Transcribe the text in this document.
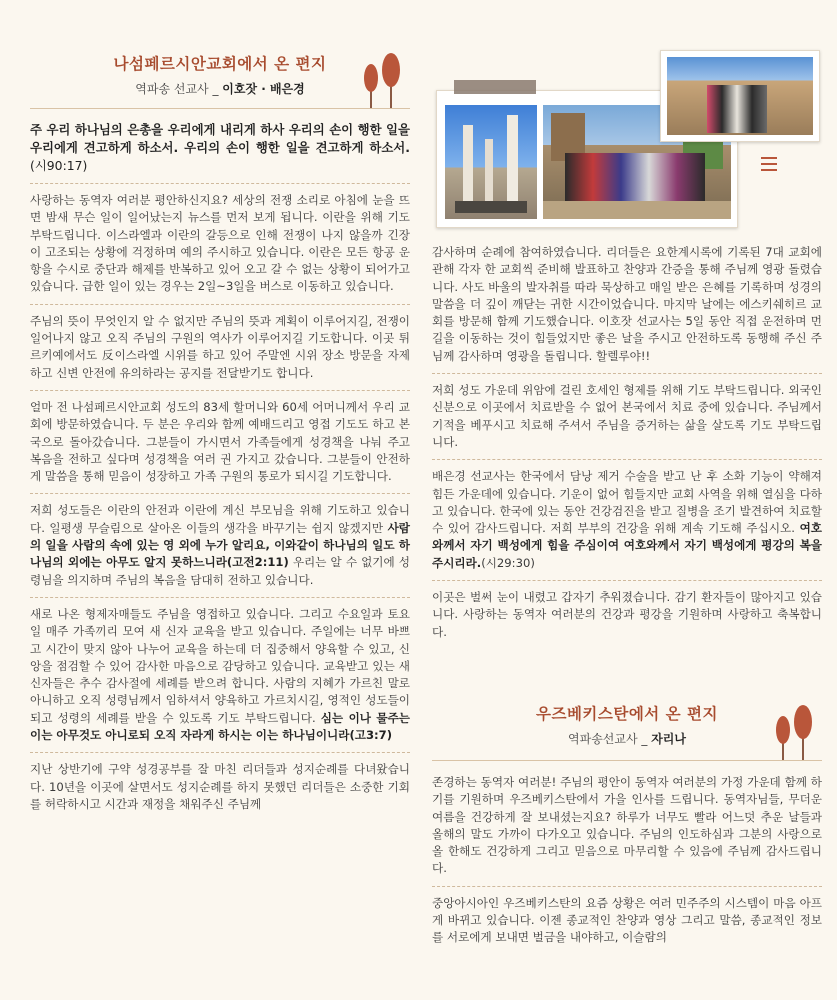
나섬페르시안교회에서 온 편지
역파송 선교사 _ 이호잣 · 배은경

주 우리 하나님의 은총을 우리에게 내리게 하사 우리의 손이 행한 일을 우리에게 견고하게 하소서. 우리의 손이 행한 일을 견고하게 하소서.(시90:17)

사랑하는 동역자 여러분 평안하신지요? 세상의 전쟁 소리로 아침에 눈을 뜨면 밤새 무슨 일이 일어났는지 뉴스를 먼저 보게 됩니다. 이란을 위해 기도 부탁드립니다. 이스라엘과 이란의 갈등으로 인해 전쟁이 나지 않을까 긴장이 고조되는 상황에 걱정하며 예의 주시하고 있습니다. 이란은 모든 항공 운항을 수시로 중단과 해제를 반복하고 있어 오고 갈 수 없는 상황이 되어가고 있습니다. 급한 일이 있는 경우는 2일~3일을 버스로 이동하고 있습니다.

주님의 뜻이 무엇인지 알 수 없지만 주님의 뜻과 계획이 이루어지길, 전쟁이 일어나지 않고 오직 주님의 구원의 역사가 이루어지길 기도합니다. 이곳 튀르키예에서도 反이스라엘 시위를 하고 있어 주말엔 시위 장소 방문을 자제하고 신변 안전에 유의하라는 공지를 전달받기도 합니다.

얼마 전 나섬페르시안교회 성도의 83세 할머니와 60세 어머니께서 우리 교회에 방문하였습니다. 두 분은 우리와 함께 예배드리고 영접 기도도 하고 본국으로 돌아갔습니다. 그분들이 가시면서 가족들에게 성경책을 나눠 주고 복음을 전하고 싶다며 성경책을 여러 권 가지고 갔습니다. 그분들이 안전하게 말씀을 통해 믿음이 성장하고 가족 구원의 통로가 되시길 기도합니다.

저희 성도들은 이란의 안전과 이란에 계신 부모님을 위해 기도하고 있습니다. 일평생 무슬림으로 살아온 이들의 생각을 바꾸기는 쉽지 않겠지만 사람의 일을 사람의 속에 있는 영 외에 누가 알리요, 이와같이 하나님의 일도 하나님의 외에는 아무도 알지 못하느니라(고전2:11) 우리는 알 수 없기에 성령님을 의지하며 주님의 복음을 담대히 전하고 있습니다.

새로 나온 형제자매들도 주님을 영접하고 있습니다. 그리고 수요일과 토요일 매주 가족끼리 모여 새 신자 교육을 받고 있습니다. 주일에는 너무 바쁘고 시간이 맞지 않아 나누어 교육을 하는데 더 집중해서 양육할 수 있고, 신앙을 점검할 수 있어 감사한 마음으로 감당하고 있습니다. 교육받고 있는 새 신자들은 추수 감사절에 세례를 받으려 합니다. 사람의 지혜가 가르친 말로 아니하고 오직 성령님께서 임하셔서 양육하고 가르치시길, 영적인 성도들이 되고 성령의 세례를 받을 수 있도록 기도 부탁드립니다. 심는 이나 물주는 이는 아무것도 아니로되 오직 자라게 하시는 이는 하나님이니라(고3:7)

지난 상반기에 구약 성경공부를 잘 마친 리더들과 성지순례를 다녀왔습니다. 10년을 이곳에 살면서도 성지순례를 하지 못했던 리더들은 소중한 기회를 허락하시고 시간과 재정을 채워주신 주님께

감사하며 순례에 참여하였습니다. 리더들은 요한계시록에 기록된 7대 교회에 관해 각자 한 교회씩 준비해 발표하고 찬양과 간증을 통해 주님께 영광 돌렸습니다. 사도 바울의 발자취를 따라 묵상하고 매일 받은 은혜를 기록하며 성경의 말씀을 더 깊이 깨닫는 귀한 시간이었습니다. 마지막 날에는 에스키쉐히르 교회를 방문해 함께 기도했습니다. 이호잣 선교사는 5일 동안 직접 운전하며 먼 길을 이동하는 것이 힘들었지만 좋은 날을 주시고 안전하도록 동행해 주신 주님께 감사하며 영광을 돌립니다. 할렐루야!!

저희 성도 가운데 위암에 걸린 호세인 형제를 위해 기도 부탁드립니다. 외국인 신분으로 이곳에서 치료받을 수 없어 본국에서 치료 중에 있습니다. 주님께서 기적을 베푸시고 치료해 주셔서 주님을 증거하는 삶을 살도록 기도 부탁드립니다.

배은경 선교사는 한국에서 담낭 제거 수술을 받고 난 후 소화 기능이 약해져 힘든 가운데에 있습니다. 기운이 없어 힘들지만 교회 사역을 위해 열심을 다하고 있습니다. 한국에 있는 동안 건강검진을 받고 질병을 조기 발견하여 치료할 수 있어 감사드립니다. 저희 부부의 건강을 위해 계속 기도해 주십시오. 여호와께서 자기 백성에게 힘을 주심이여 여호와께서 자기 백성에게 평강의 복을 주시리라.(시29:30)

이곳은 벌써 눈이 내렸고 갑자기 추워졌습니다. 감기 환자들이 많아지고 있습니다. 사랑하는 동역자 여러분의 건강과 평강을 기원하며 사랑하고 축복합니다.

우즈베키스탄에서 온 편지
역파송선교사 _ 자리나

존경하는 동역자 여러분! 주님의 평안이 동역자 여러분의 가정 가운데 함께 하기를 기원하며 우즈베키스탄에서 가을 인사를 드립니다. 동역자님들, 무더운 여름을 건강하게 잘 보내셨는지요? 하루가 너무도 빨라 어느덧 추운 날들과 올해의 말도 가까이 다가오고 있습니다. 주님의 인도하심과 그분의 사랑으로 올 한해도 건강하게 그리고 믿음으로 마무리할 수 있음에 주님께 감사드립니다.

중앙아시아인 우즈베키스탄의 요즘 상황은 여러 민주주의 시스템이 마음 아프게 바뀌고 있습니다. 이젠 종교적인 찬양과 영상 그리고 말씀, 종교적인 정보를 서로에게 보내면 벌금을 내야하고, 이슬람의
